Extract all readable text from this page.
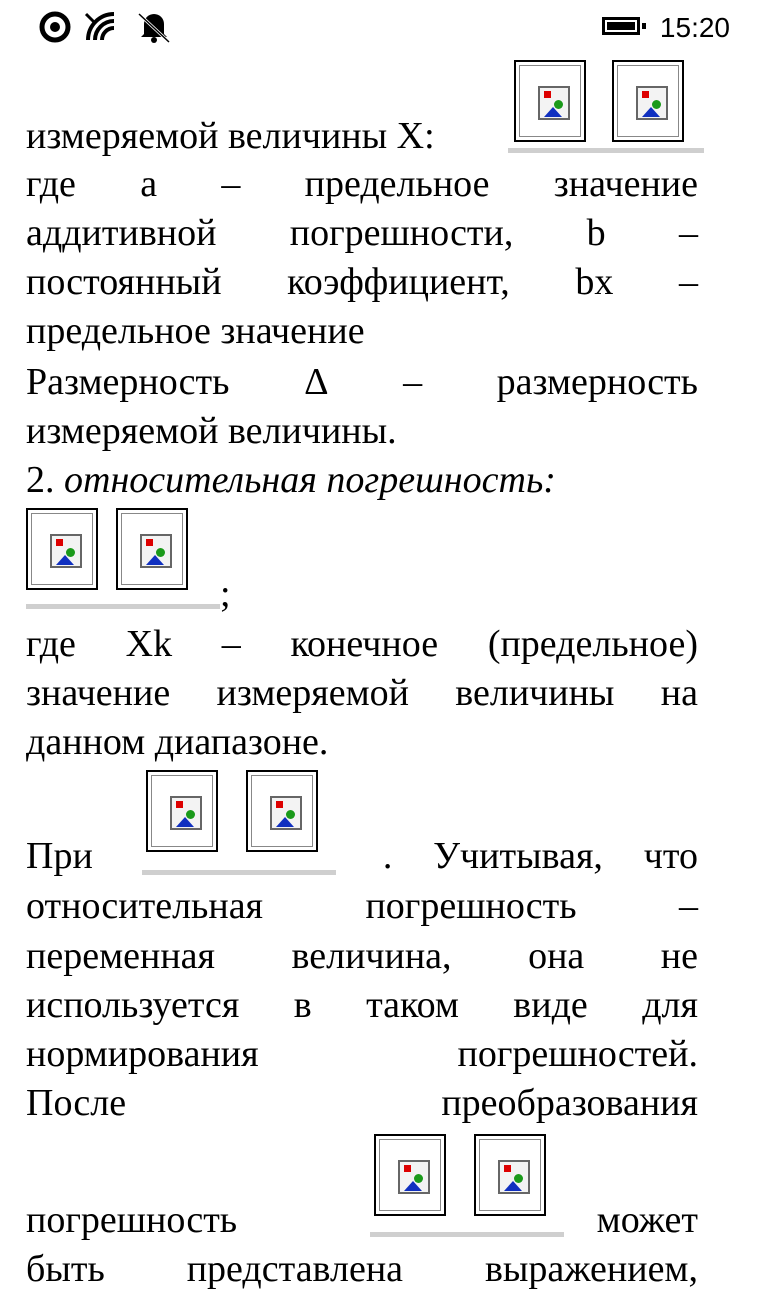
15:20
измеряемой величины X:
где а – предельное значение
аддитивной погрешности, b –
постоянный коэффициент, bx –
предельное значение
Размерность Δ – размерность
измеряемой величины.
2. относительная погрешность:
;
где Xk – конечное (предельное)
значение измеряемой величины на
данном диапазоне.
При	. Учитывая, что
относительная	погрешность	–
переменная величина, она не
используется в таком виде для
нормирования	погрешностей.
После	преобразования
погрешность	может
быть представлена выражением,
